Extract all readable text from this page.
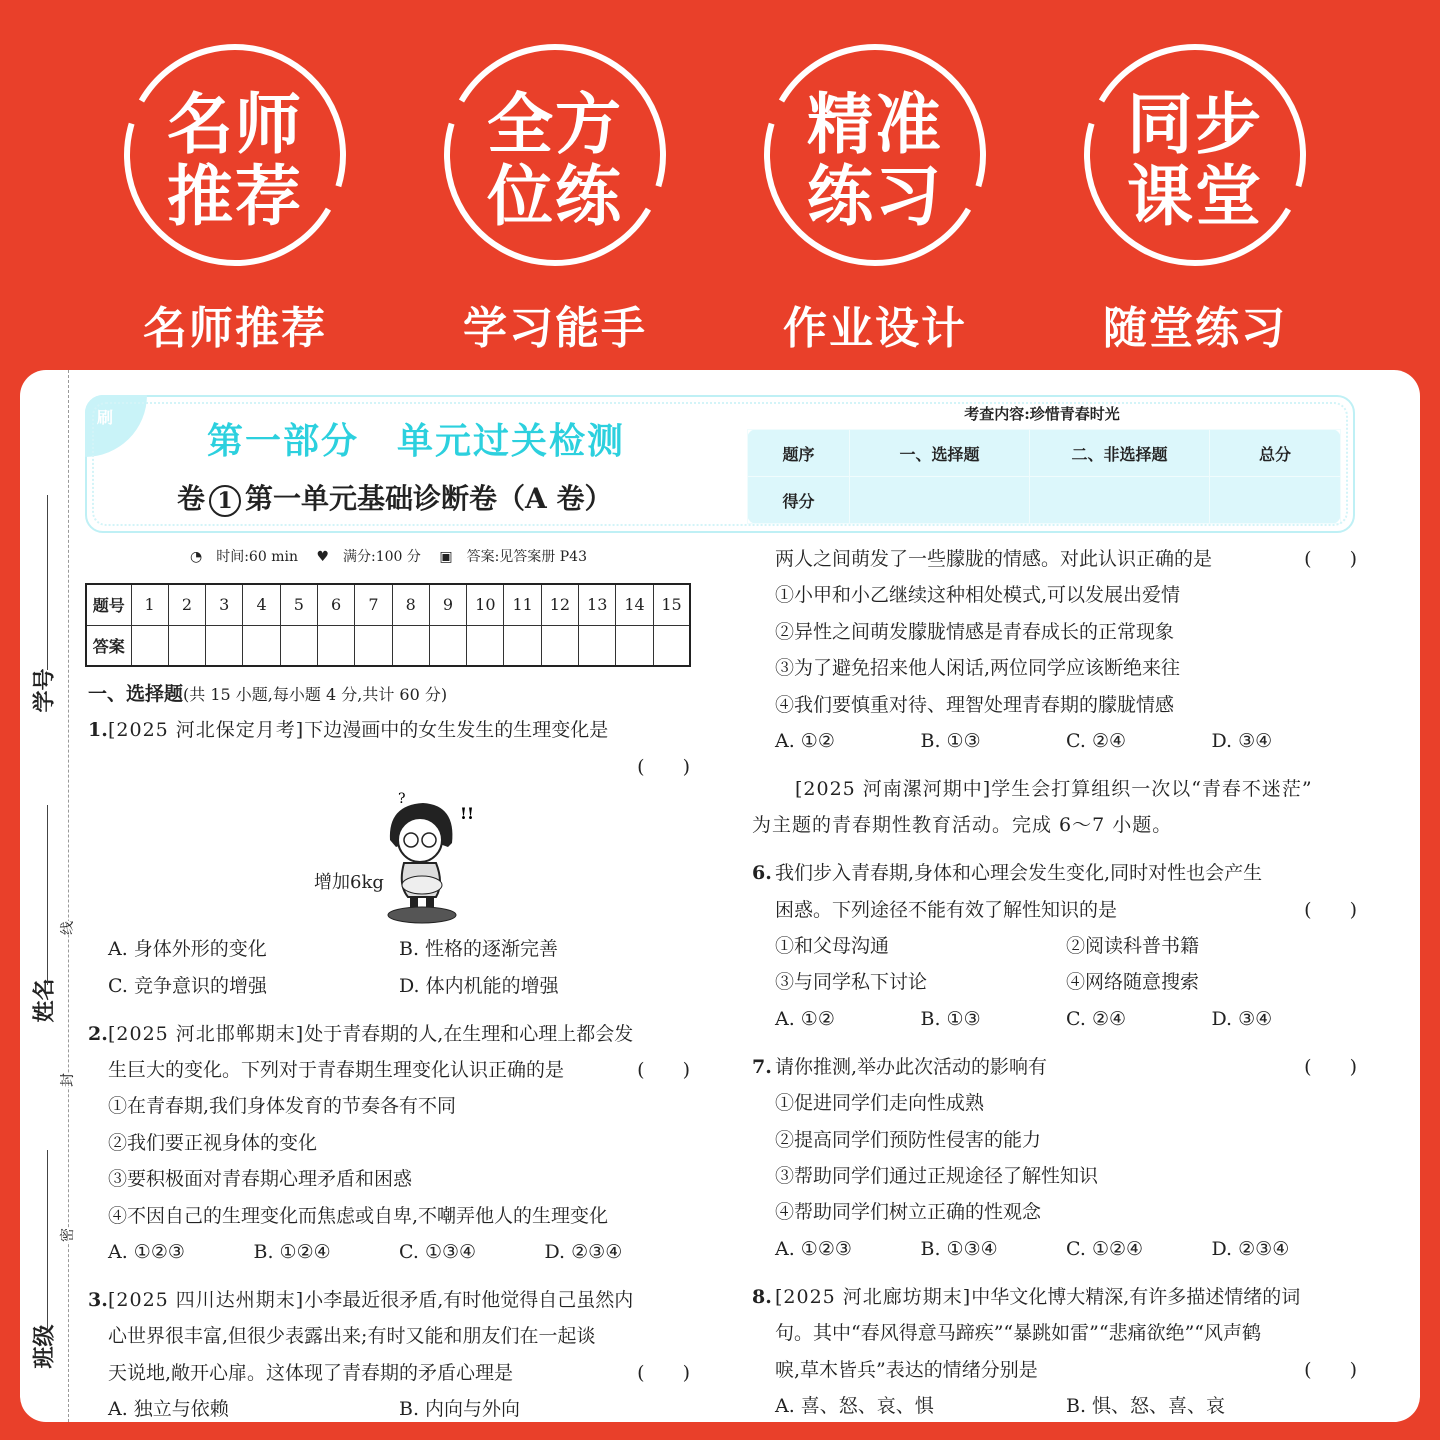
名师
推荐
名师推荐
全方
位练
学习能手
精准
练习
作业设计
同步
课堂
随堂练习
学号
姓名
班级
线
封
密
刷
第一部分　单元过关检测
卷 1 第一单元基础诊断卷（A 卷）
考查内容:珍惜青春时光
题序	一、选择题	二、非选择题	总分
得分			
◔ 时间:60 min ♥ 满分:100 分 ▣ 答案:见答案册 P43
题号	1	2	3	4	5	6	7	8	9	10	11	12	13	14	15
答案															
一、选择题(共 15 小题,每小题 4 分,共计 60 分)
1. [2025 河北保定月考]下边漫画中的女生发生的生理变化是
(　　)
?
!!
增加6kg
A. 身体外形的变化	B. 性格的逐渐完善
C. 竞争意识的增强	D. 体内机能的增强
2. [2025 河北邯郸期末]处于青春期的人,在生理和心理上都会发
生巨大的变化。下列对于青春期生理变化认识正确的是	(　　)
①在青春期,我们身体发育的节奏各有不同
②我们要正视身体的变化
③要积极面对青春期心理矛盾和困惑
④不因自己的生理变化而焦虑或自卑,不嘲弄他人的生理变化
A. ①②③	B. ①②④	C. ①③④	D. ②③④
3. [2025 四川达州期末]小李最近很矛盾,有时他觉得自己虽然内
心世界很丰富,但很少表露出来;有时又能和朋友们在一起谈
天说地,敞开心扉。这体现了青春期的矛盾心理是	(　　)
A. 独立与依赖	B. 内向与外向
两人之间萌发了一些朦胧的情感。对此认识正确的是	(　　)
①小甲和小乙继续这种相处模式,可以发展出爱情
②异性之间萌发朦胧情感是青春成长的正常现象
③为了避免招来他人闲话,两位同学应该断绝来往
④我们要慎重对待、理智处理青春期的朦胧情感
A. ①②	B. ①③	C. ②④	D. ③④
[2025 河南漯河期中]学生会打算组织一次以“青春不迷茫”
为主题的青春期性教育活动。完成 6～7 小题。
6. 我们步入青春期,身体和心理会发生变化,同时对性也会产生
困惑。下列途径不能有效了解性知识的是	(　　)
①和父母沟通	②阅读科普书籍
③与同学私下讨论	④网络随意搜索
A. ①②	B. ①③	C. ②④	D. ③④
7. 请你推测,举办此次活动的影响有	(　　)
①促进同学们走向性成熟
②提高同学们预防性侵害的能力
③帮助同学们通过正规途径了解性知识
④帮助同学们树立正确的性观念
A. ①②③	B. ①③④	C. ①②④	D. ②③④
8. [2025 河北廊坊期末]中华文化博大精深,有许多描述情绪的词
句。其中“春风得意马蹄疾”“暴跳如雷”“悲痛欲绝”“风声鹤
唳,草木皆兵”表达的情绪分别是	(　　)
A. 喜、怒、哀、惧	B. 惧、怒、喜、哀
